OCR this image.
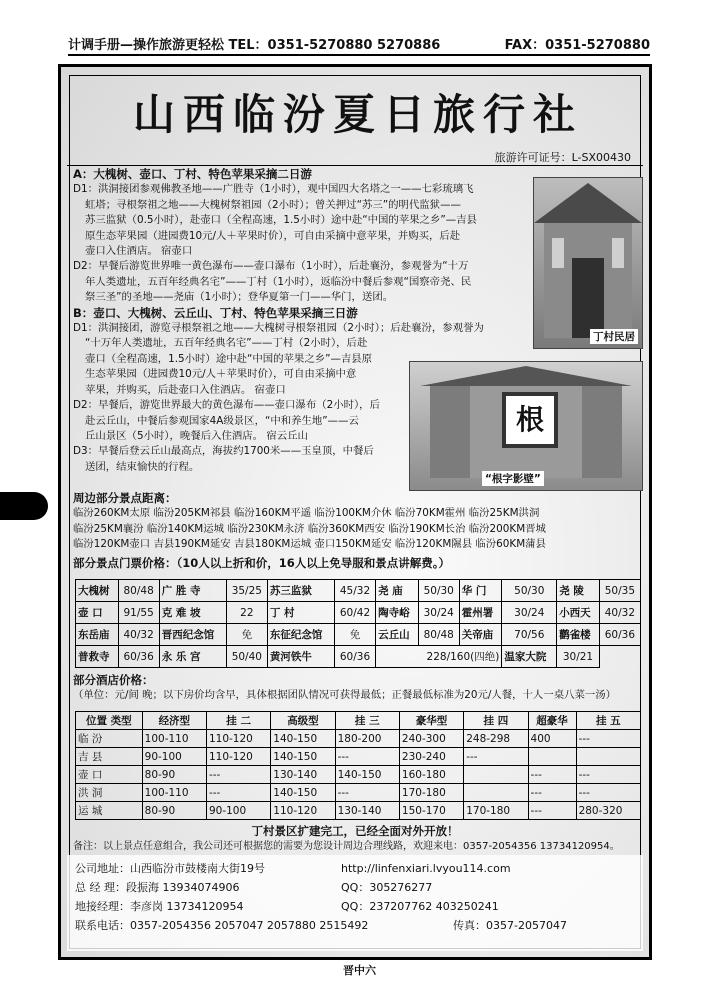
计调手册—操作旅游更轻松 TEL：0351-5270880 5270886	FAX：0351-5270880
山西临汾夏日旅行社
旅游许可证号：L-SX00430
A：大槐树、壶口、丁村、特色苹果采摘二日游
D1：洪洞接团参观佛教圣地——广胜寺（1小时），观中国四大名塔之一——七彩琉璃飞
虹塔；寻根祭祖之地——大槐树祭祖园（2小时）；曾关押过“苏三”的明代监狱——
苏三监狱（0.5小时），赴壶口（全程高速，1.5小时）途中赴“中国的苹果之乡”—吉县
原生态苹果园（进园费10元/人＋苹果时价），可自由采摘中意苹果，并购买，后赴
壶口入住酒店。 宿壶口
D2：早餐后游览世界唯一黄色瀑布——壶口瀑布（1小时），后赴襄汾，参观誉为“十万
年人类遗址，五百年经典名宅”——丁村（1小时），返临汾中餐后参观“国察帝尧、民
祭三圣”的圣地——尧庙（1小时）；登华夏第一门——华门，送团。
B：壶口、大槐树、云丘山、丁村、特色苹果采摘三日游
D1：洪洞接团，游览寻根祭祖之地——大槐树寻根祭祖园（2小时）；后赴襄汾，参观誉为
“十万年人类遗址，五百年经典名宅”——丁村（2小时），后赴
壶口（全程高速，1.5小时）途中赴“中国的苹果之乡”—吉县原
生态苹果园（进园费10元/人＋苹果时价），可自由采摘中意
苹果，并购买，后赴壶口入住酒店。 宿壶口
D2：早餐后，游览世界最大的黄色瀑布——壶口瀑布（2小时），后
赴云丘山，中餐后参观国家4A级景区，“中和养生地”——云
丘山景区（5小时），晚餐后入住酒店。 宿云丘山
D3：早餐后登云丘山最高点，海拔约1700米——玉皇顶，中餐后
送团，结束愉快的行程。
丁村民居
根
“根字影壁”
周边部分景点距离：
临汾260KM太原 临汾205KM祁县 临汾160KM平遥 临汾100KM介休 临汾70KM霍州 临汾25KM洪洞
临汾25KM襄汾 临汾140KM运城 临汾230KM永济 临汾360KM西安 临汾190KM长治 临汾200KM晋城
临汾120KM壶口 吉县190KM延安 吉县180KM运城 壶口150KM延安 临汾120KM隰县 临汾60KM蒲县
部分景点门票价格：（10人以上折和价，16人以上免导服和景点讲解费。）
大槐树	80/48	广 胜 寺	35/25	苏三监狱	45/32	尧 庙	50/30	华 门	50/30	尧 陵	50/35
壶 口	91/55	克 难 坡	22	丁 村	60/42	陶寺峪	30/24	霍州署	30/24	小西天	40/32
东岳庙	40/32	晋西纪念馆	免	东征纪念馆	免	云丘山	80/48	关帝庙	70/56	鹳雀楼	60/36
普救寺	60/36	永 乐 宫	50/40	黄河铁牛	60/36	228/160(四绝)			温家大院	30/21	
部分酒店价格：
（单位：元/间 晚；以下房价均含早，具体根据团队情况可获得最低；正餐最低标准为20元/人餐，十人一桌八菜一汤）
位置 类型	经济型	挂 二	高级型	挂 三	豪华型	挂 四	超豪华	挂 五
临 汾	100-110	110-120	140-150	180-200	240-300	248-298	400	---
吉 县	90-100	110-120	140-150	---	230-240	---		
壶 口	80-90	---	130-140	140-150	160-180		---	---
洪 洞	100-110	---	140-150	---	170-180		---	---
运 城	80-90	90-100	110-120	130-140	150-170	170-180	---	280-320
丁村景区扩建完工，已经全面对外开放！
备注：以上景点任意组合，我公司还可根据您的需要为您设计周边合理线路，欢迎来电：0357-2054356 13734120954。
公司地址：山西临汾市鼓楼南大街19号
总 经 理：段振海 13934074906
地接经理：李彦岗 13734120954
联系电话：0357-2054356 2057047 2057880 2515492
http://linfenxiari.lvyou114.com
QQ：305276277
QQ：237207762 403250241
传真：0357-2057047
晋中六
